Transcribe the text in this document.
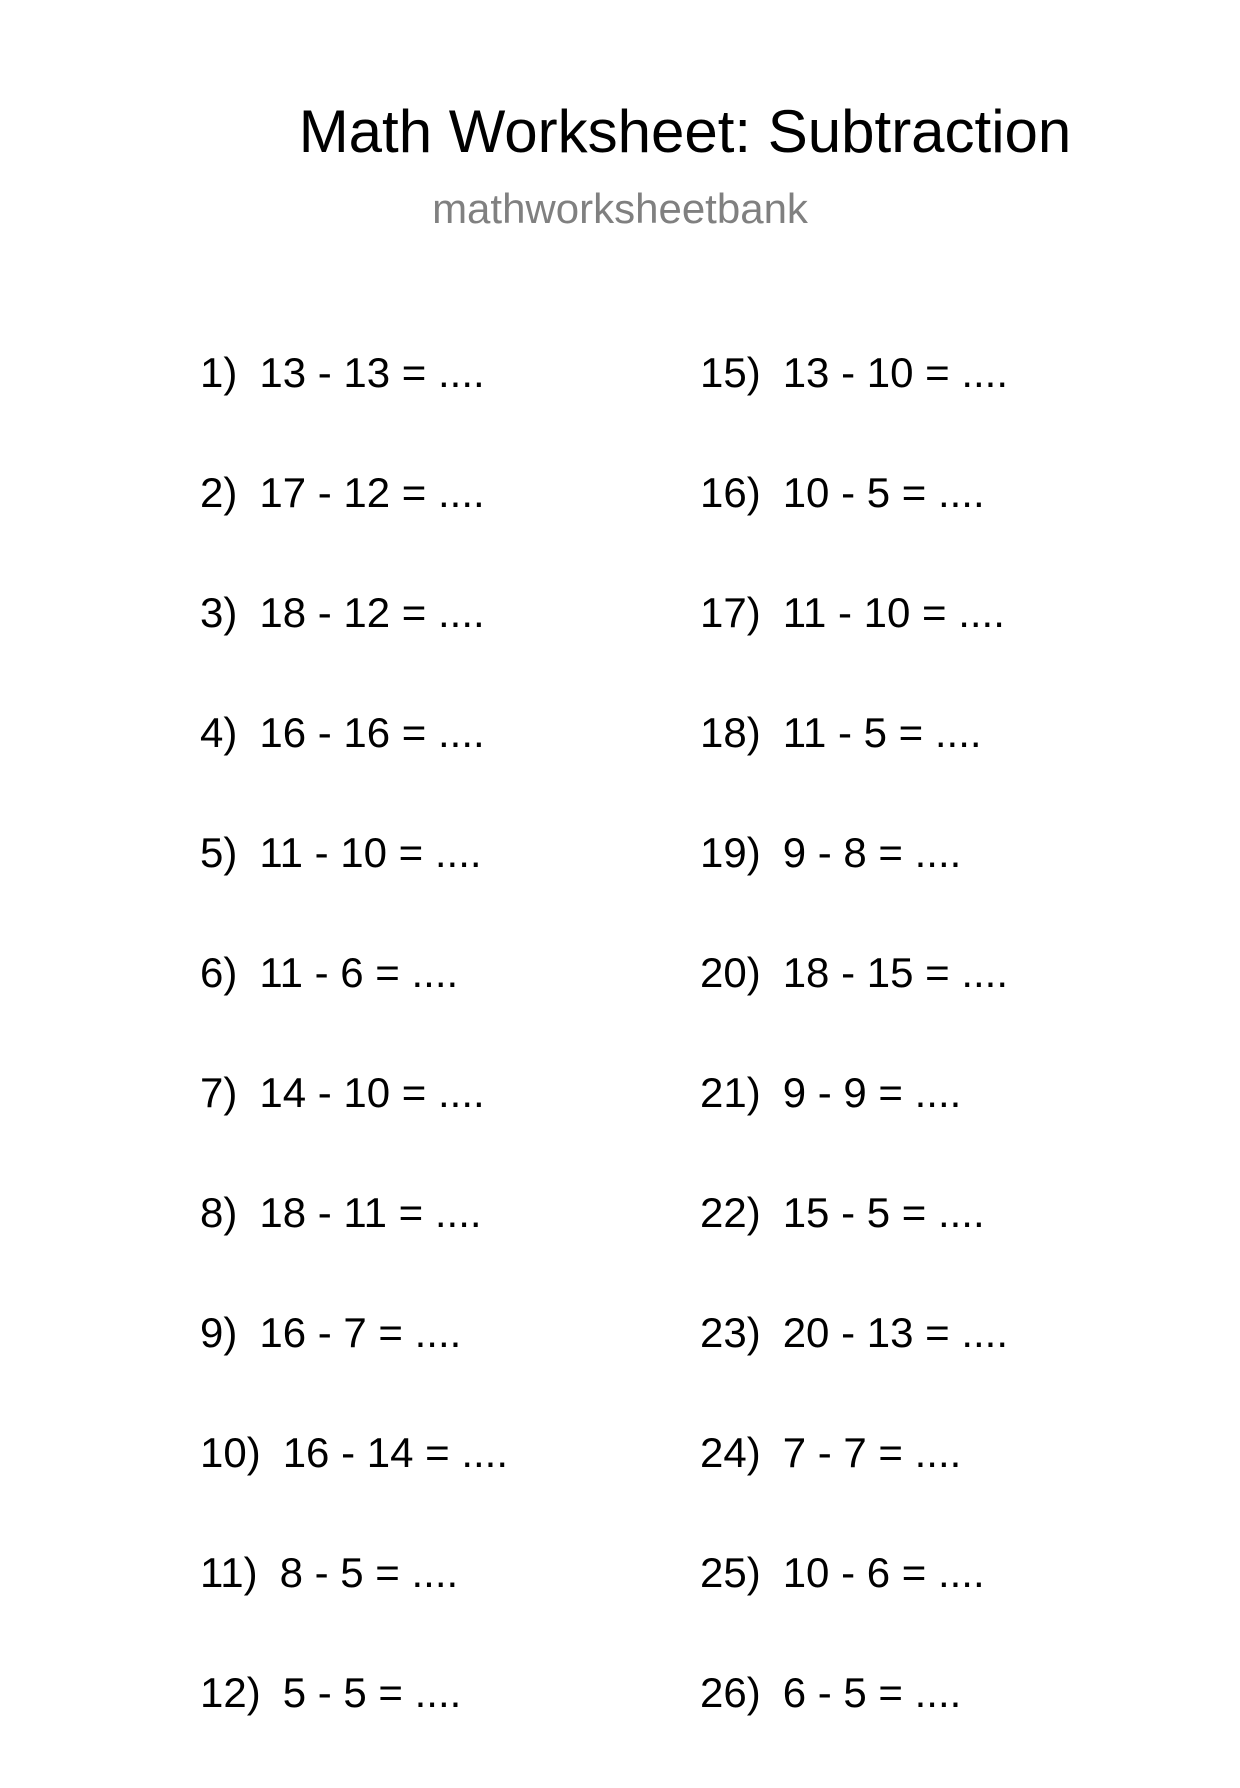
Math Worksheet: Subtraction
mathworksheetbank
1) 13 - 13 = ....
2) 17 - 12 = ....
3) 18 - 12 = ....
4) 16 - 16 = ....
5) 11 - 10 = ....
6) 11 - 6 = ....
7) 14 - 10 = ....
8) 18 - 11 = ....
9) 16 - 7 = ....
10) 16 - 14 = ....
11) 8 - 5 = ....
12) 5 - 5 = ....
15) 13 - 10 = ....
16) 10 - 5 = ....
17) 11 - 10 = ....
18) 11 - 5 = ....
19) 9 - 8 = ....
20) 18 - 15 = ....
21) 9 - 9 = ....
22) 15 - 5 = ....
23) 20 - 13 = ....
24) 7 - 7 = ....
25) 10 - 6 = ....
26) 6 - 5 = ....
